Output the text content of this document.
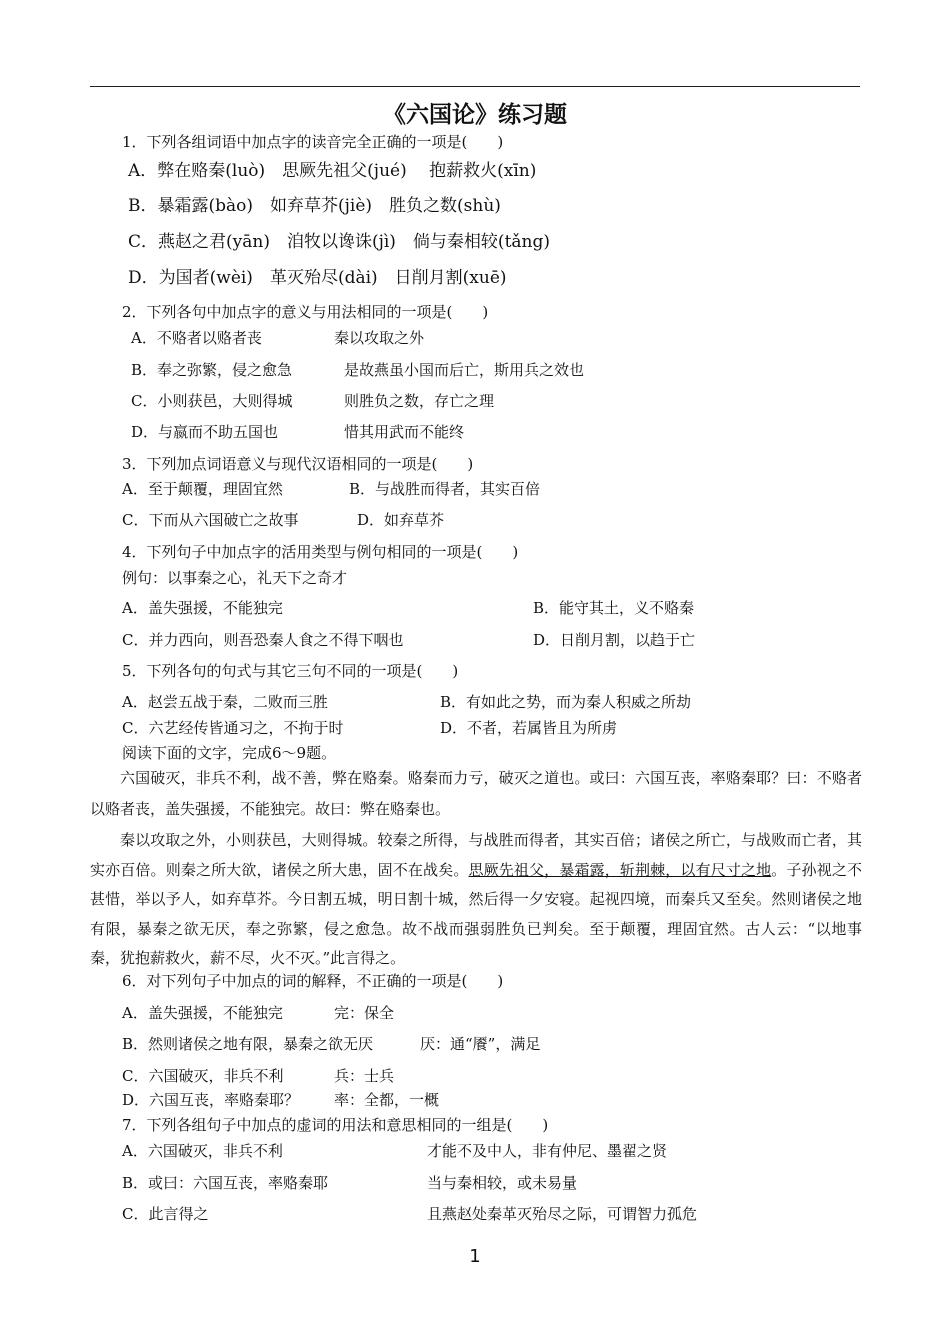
《六国论》练习题
1．下列各组词语中加点字的读音完全正确的一项是(　　)
A．弊在赂秦(luò)　思厥先祖父(jué)　 抱薪救火(xīn)
B．暴霜露(bào)　如弃草芥(jiè)　胜负之数(shù)
C．燕赵之君(yān)　洎牧以谗诛(jì)　倘与秦相较(tǎng)
D．为国者(wèi)　革灭殆尽(dài)　日削月割(xuē)
2．下列各句中加点字的意义与用法相同的一项是(　　)
A．不赂者以赂者丧	秦以攻取之外
B．奉之弥繁，侵之愈急	是故燕虽小国而后亡，斯用兵之效也
C．小则获邑，大则得城	则胜负之数，存亡之理
D．与嬴而不助五国也	惜其用武而不能终
3．下列加点词语意义与现代汉语相同的一项是(　　)
A．至于颠覆，理固宜然	B．与战胜而得者，其实百倍
C．下而从六国破亡之故事	D．如弃草芥
4．下列句子中加点字的活用类型与例句相同的一项是(　　)
例句：以事秦之心，礼天下之奇才
A．盖失强援，不能独完	B．能守其土，义不赂秦
C．并力西向，则吾恐秦人食之不得下咽也	D．日削月割，以趋于亡
5．下列各句的句式与其它三句不同的一项是(　　)
A．赵尝五战于秦，二败而三胜	B．有如此之势，而为秦人积威之所劫
C．六艺经传皆通习之，不拘于时	D．不者，若属皆且为所虏
阅读下面的文字，完成6～9题。
六国破灭，非兵不利，战不善，弊在赂秦。赂秦而力亏，破灭之道也。或曰：六国互丧，率赂秦耶？曰：不赂者以赂者丧，盖失强援，不能独完。故曰：弊在赂秦也。
秦以攻取之外，小则获邑，大则得城。较秦之所得，与战胜而得者，其实百倍；诸侯之所亡，与战败而亡者，其实亦百倍。则秦之所大欲，诸侯之所大患，固不在战矣。思厥先祖父，暴霜露，斩荆棘，以有尺寸之地。子孙视之不甚惜，举以予人，如弃草芥。今日割五城，明日割十城，然后得一夕安寝。起视四境，而秦兵又至矣。然则诸侯之地有限，暴秦之欲无厌，奉之弥繁，侵之愈急。故不战而强弱胜负已判矣。至于颠覆，理固宜然。古人云：“以地事秦，犹抱薪救火，薪不尽，火不灭。”此言得之。
6．对下列句子中加点的词的解释，不正确的一项是(　　)
A．盖失强援，不能独完	完：保全
B．然则诸侯之地有限，暴秦之欲无厌	厌：通“餍”，满足
C．六国破灭，非兵不利	兵：士兵
D．六国互丧，率赂秦耶？ 率：全都，一概
7．下列各组句子中加点的虚词的用法和意思相同的一组是(　　)
A．六国破灭，非兵不利	才能不及中人，非有仲尼、墨翟之贤
B．或曰：六国互丧，率赂秦耶	当与秦相较，或未易量
C．此言得之	且燕赵处秦革灭殆尽之际，可谓智力孤危
1
